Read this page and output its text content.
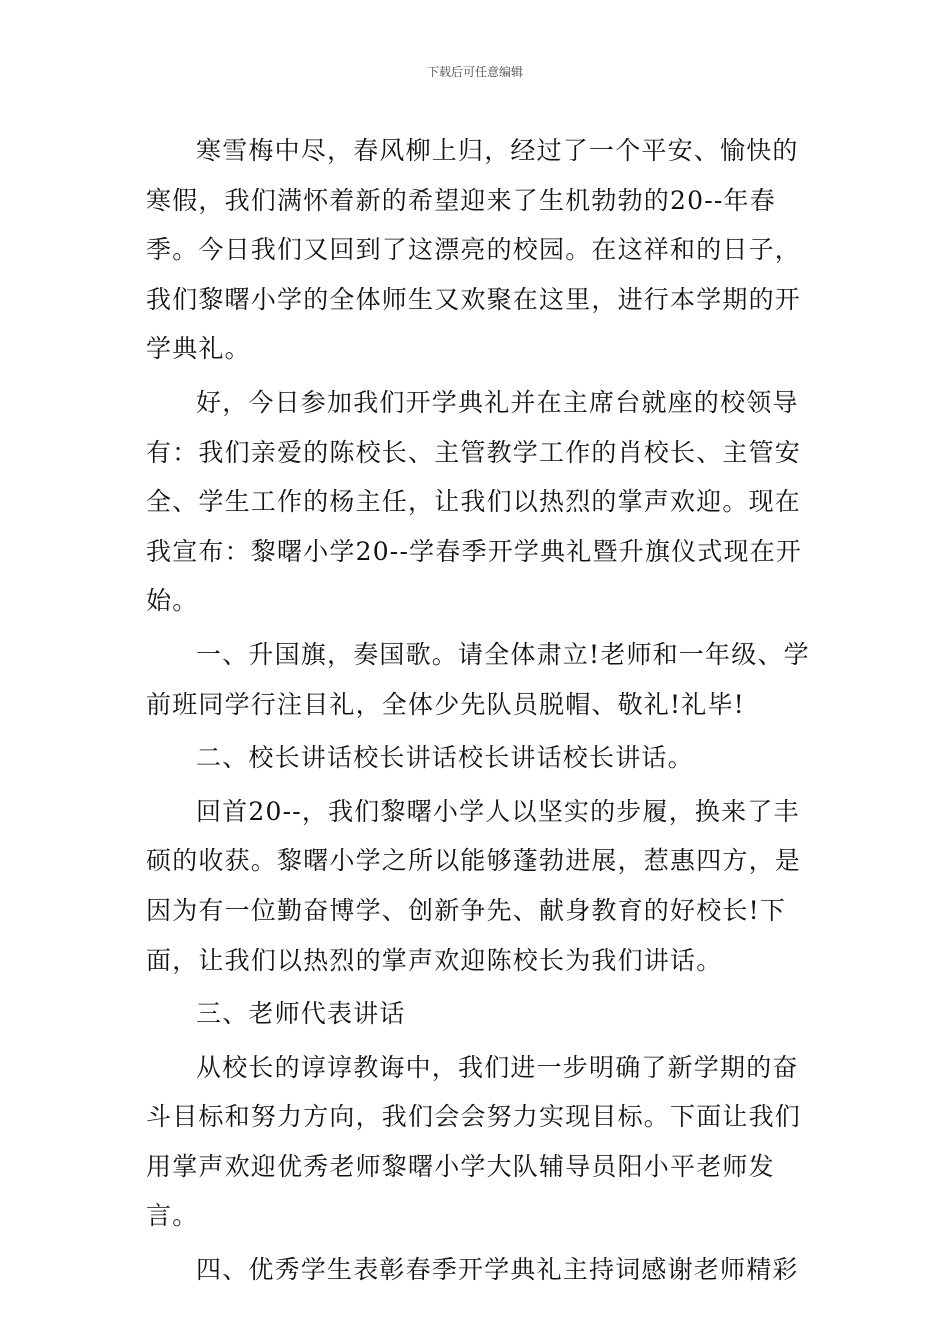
下载后可任意编辑

寒雪梅中尽，春风柳上归，经过了一个平安、愉快的寒假，我们满怀着新的希望迎来了生机勃勃的20--年春季。今日我们又回到了这漂亮的校园。在这祥和的日子，我们黎曙小学的全体师生又欢聚在这里，进行本学期的开学典礼。

好，今日参加我们开学典礼并在主席台就座的校领导有：我们亲爱的陈校长、主管教学工作的肖校长、主管安全、学生工作的杨主任，让我们以热烈的掌声欢迎。现在我宣布：黎曙小学20--学春季开学典礼暨升旗仪式现在开始。

一、升国旗，奏国歌。请全体肃立!老师和一年级、学前班同学行注目礼，全体少先队员脱帽、敬礼!礼毕!

二、校长讲话校长讲话校长讲话校长讲话。

回首20--，我们黎曙小学人以坚实的步履，换来了丰硕的收获。黎曙小学之所以能够蓬勃进展，惹惠四方，是因为有一位勤奋博学、创新争先、献身教育的好校长!下面，让我们以热烈的掌声欢迎陈校长为我们讲话。

三、老师代表讲话

从校长的谆谆教诲中，我们进一步明确了新学期的奋斗目标和努力方向，我们会会努力实现目标。下面让我们用掌声欢迎优秀老师黎曙小学大队辅导员阳小平老师发言。

四、优秀学生表彰春季开学典礼主持词感谢老师精彩
